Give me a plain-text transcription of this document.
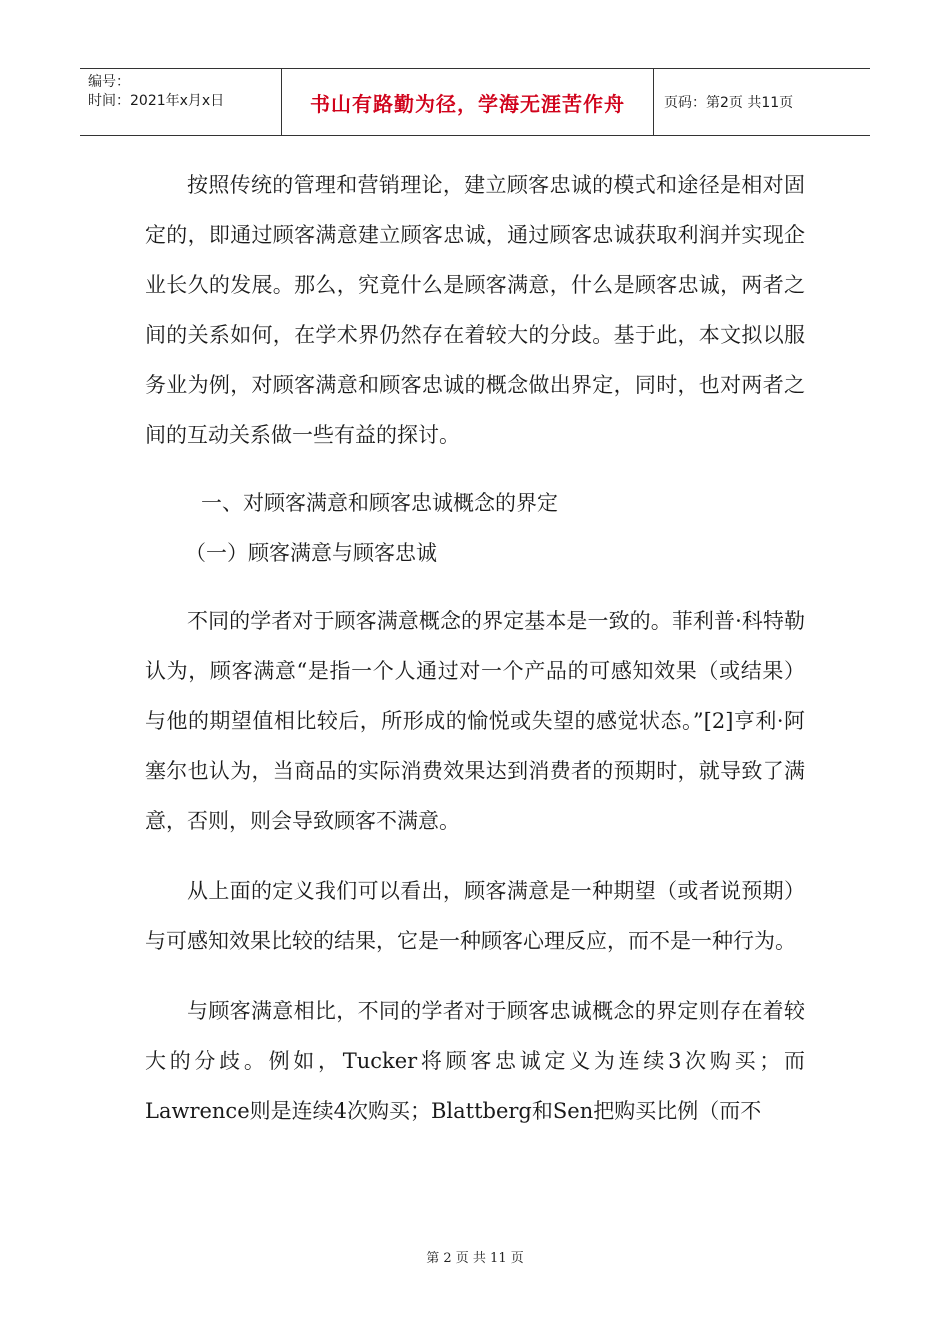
编号：
时间：2021年x月x日	书山有路勤为径，学海无涯苦作舟	页码：第2页 共11页

按照传统的管理和营销理论，建立顾客忠诚的模式和途径是相对固定的，即通过顾客满意建立顾客忠诚，通过顾客忠诚获取利润并实现企业长久的发展。那么，究竟什么是顾客满意，什么是顾客忠诚，两者之间的关系如何，在学术界仍然存在着较大的分歧。基于此，本文拟以服务业为例，对顾客满意和顾客忠诚的概念做出界定，同时，也对两者之间的互动关系做一些有益的探讨。

一、对顾客满意和顾客忠诚概念的界定

（一）顾客满意与顾客忠诚

不同的学者对于顾客满意概念的界定基本是一致的。菲利普·科特勒认为，顾客满意“是指一个人通过对一个产品的可感知效果（或结果）与他的期望值相比较后，所形成的愉悦或失望的感觉状态。”[2]亨利·阿塞尔也认为，当商品的实际消费效果达到消费者的预期时，就导致了满意，否则，则会导致顾客不满意。

从上面的定义我们可以看出，顾客满意是一种期望（或者说预期）与可感知效果比较的结果，它是一种顾客心理反应，而不是一种行为。

与顾客满意相比，不同的学者对于顾客忠诚概念的界定则存在着较大的分歧。例如，Tucker将顾客忠诚定义为连续3次购买；而Lawrence则是连续4次购买；Blattberg和Sen把购买比例（而不

第 2 页 共 11 页
